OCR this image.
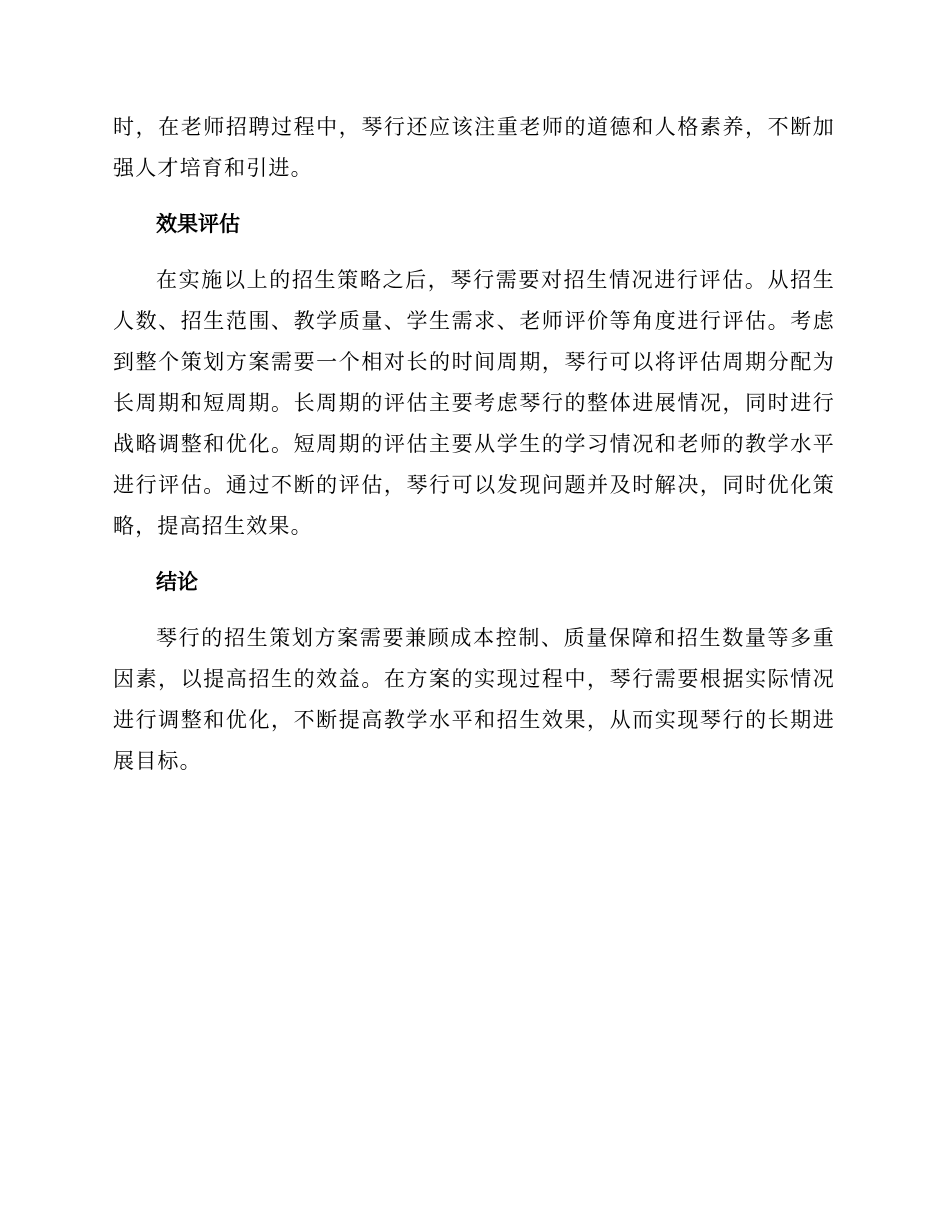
时，在老师招聘过程中，琴行还应该注重老师的道德和人格素养，不断加强人才培育和引进。

效果评估

在实施以上的招生策略之后，琴行需要对招生情况进行评估。从招生人数、招生范围、教学质量、学生需求、老师评价等角度进行评估。考虑到整个策划方案需要一个相对长的时间周期，琴行可以将评估周期分配为长周期和短周期。长周期的评估主要考虑琴行的整体进展情况，同时进行战略调整和优化。短周期的评估主要从学生的学习情况和老师的教学水平进行评估。通过不断的评估，琴行可以发现问题并及时解决，同时优化策略，提高招生效果。

结论

琴行的招生策划方案需要兼顾成本控制、质量保障和招生数量等多重因素，以提高招生的效益。在方案的实现过程中，琴行需要根据实际情况进行调整和优化，不断提高教学水平和招生效果，从而实现琴行的长期进展目标。
